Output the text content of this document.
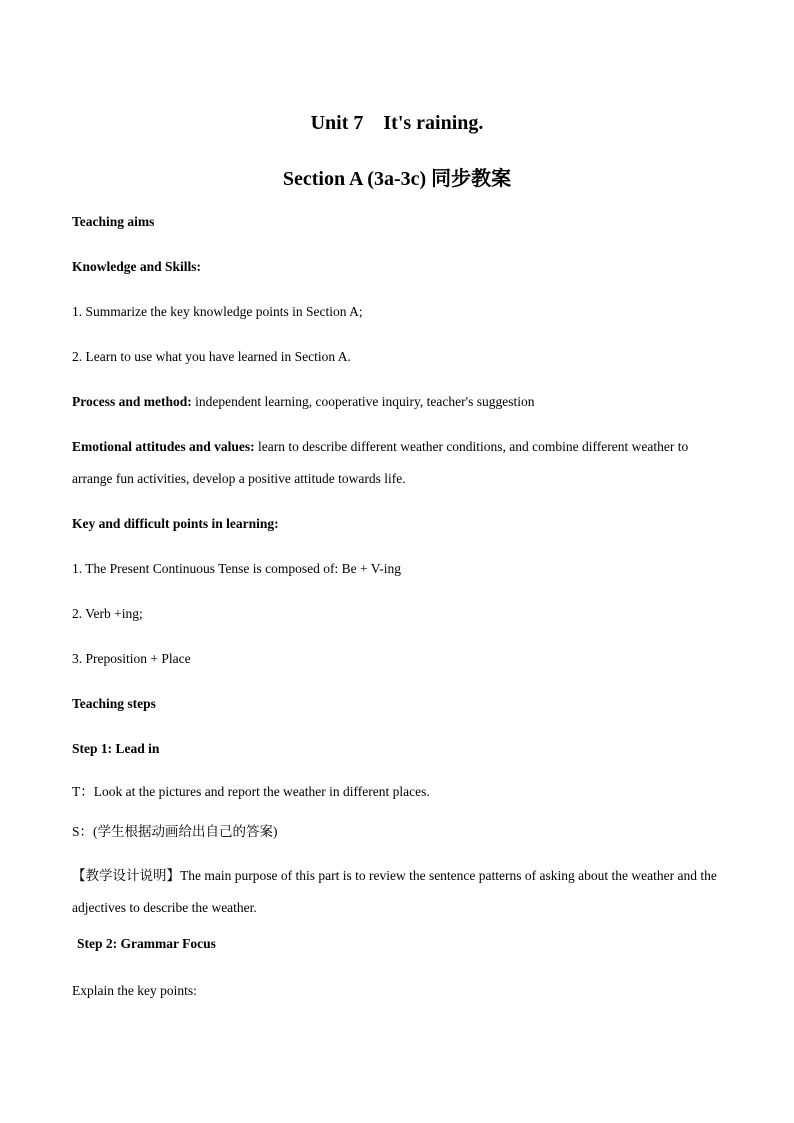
Unit 7　It's raining.
Section A (3a-3c) 同步教案
Teaching aims
Knowledge and Skills:
1. Summarize the key knowledge points in Section A;
2. Learn to use what you have learned in Section A.
Process and method: independent learning, cooperative inquiry, teacher's suggestion
Emotional attitudes and values: learn to describe different weather conditions, and combine different weather to arrange fun activities, develop a positive attitude towards life.
Key and difficult points in learning:
1. The Present Continuous Tense is composed of: Be + V-ing
2. Verb +ing;
3. Preposition + Place
Teaching steps
Step 1: Lead in
T：Look at the pictures and report the weather in different places.
S：(学生根据动画给出自己的答案)
【教学设计说明】The main purpose of this part is to review the sentence patterns of asking about the weather and the adjectives to describe the weather.
Step 2: Grammar Focus
Explain the key points:
